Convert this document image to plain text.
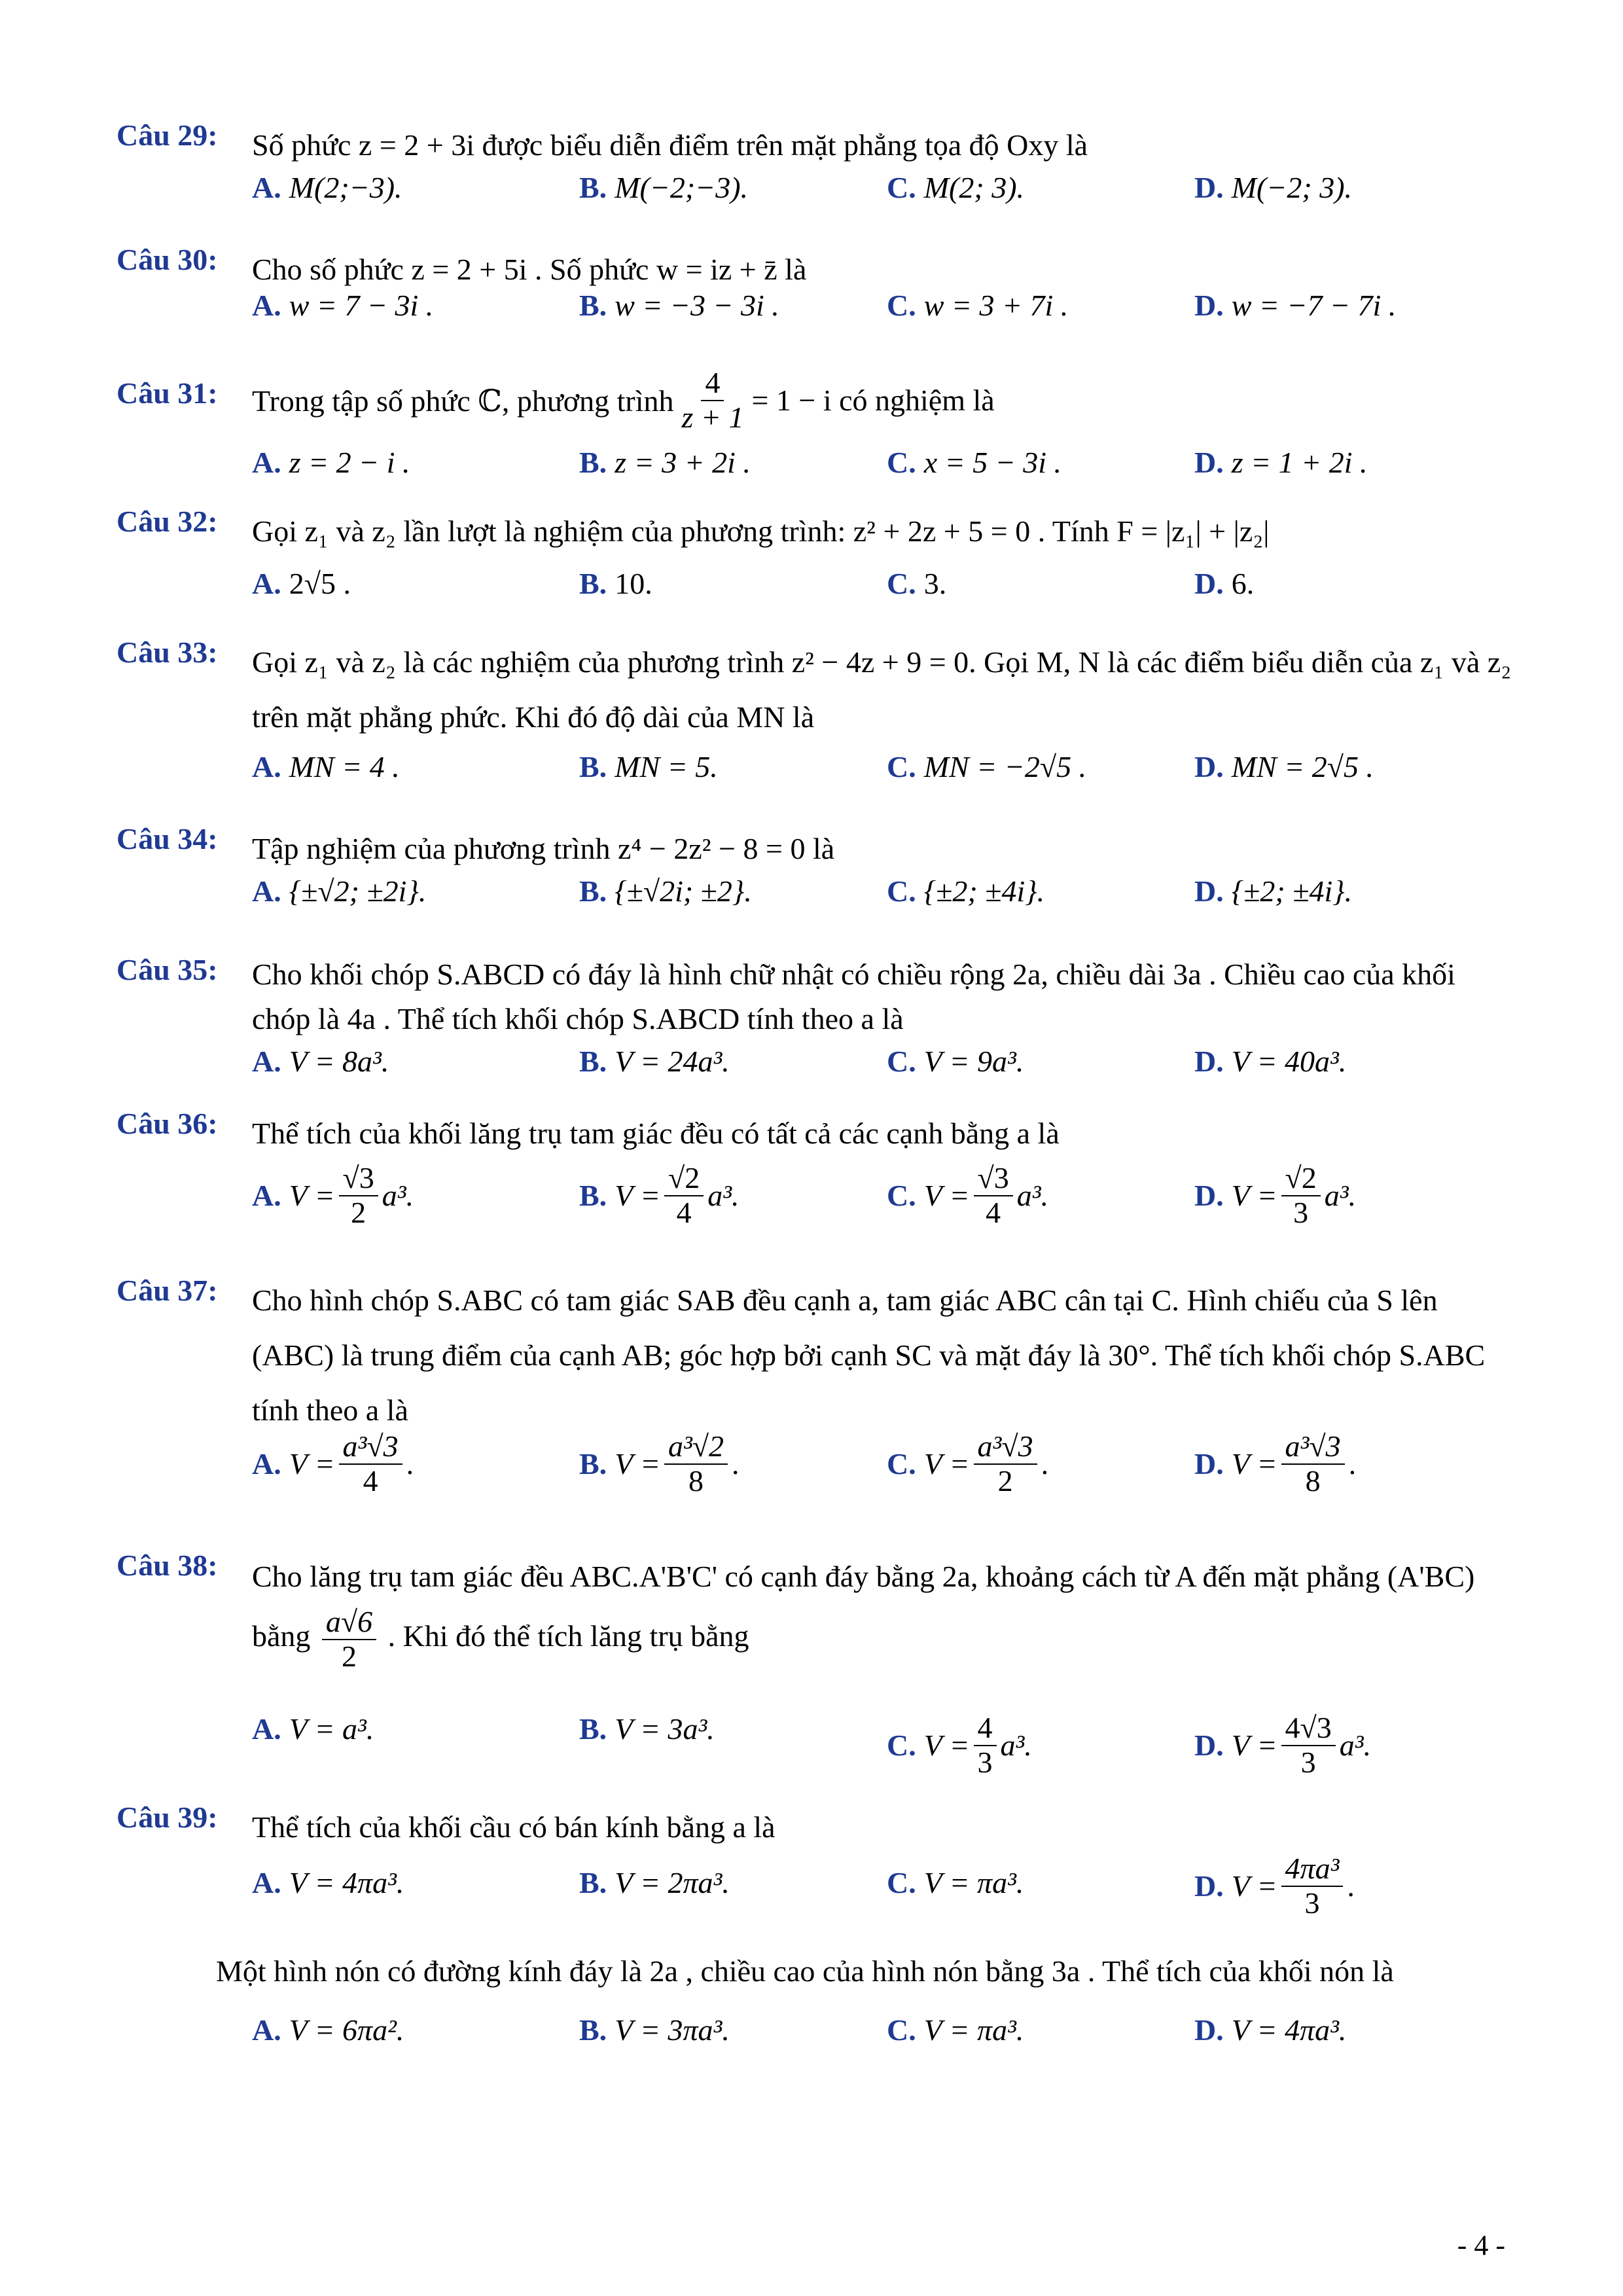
Câu 29: Số phức z = 2 + 3i được biểu diễn điểm trên mặt phẳng tọa độ Oxy là
A. M(2;−3).	B. M(−2;−3).	C. M(2; 3).	D. M(−2; 3).
Câu 30: Cho số phức z = 2 + 5i . Số phức w = iz + z̄ là
A. w = 7 − 3i .	B. w = −3 − 3i .	C. w = 3 + 7i .	D. w = −7 − 7i .
Câu 31: Trong tập số phức ℂ, phương trình $\frac{4}{z + 1} = 1 - i$ có nghiệm là
A. z = 2 − i .	B. z = 3 + 2i .	C. x = 5 − 3i .	D. z = 1 + 2i .
Câu 32: Gọi z₁ và z₂ lần lượt là nghiệm của phương trình: z² + 2z + 5 = 0 . Tính F = |z₁| + |z₂|
A. 2√5 .	B. 10.	C. 3.	D. 6.
Câu 33: Gọi z₁ và z₂ là các nghiệm của phương trình z² − 4z + 9 = 0. Gọi M, N là các điểm biểu diễn của z₁ và z₂ trên mặt phẳng phức. Khi đó độ dài của MN là
A. MN = 4 .	B. MN = 5.	C. MN = −2√5 .	D. MN = 2√5 .
Câu 34: Tập nghiệm của phương trình z⁴ − 2z² − 8 = 0 là
A. {±√2; ±2i}.	B. {±√2i; ±2}.	C. {±2; ±4i}.	D. {±2; ±4i}.
Câu 35: Cho khối chóp S.ABCD có đáy là hình chữ nhật có chiều rộng 2a, chiều dài 3a . Chiều cao của khối chóp là 4a . Thể tích khối chóp S.ABCD tính theo a là
A. V = 8a³.	B. V = 24a³.	C. V = 9a³.	D. V = 40a³.
Câu 36: Thể tích của khối lăng trụ tam giác đều có tất cả các cạnh bằng a là
A. $V = \frac{√3}{2} a^3$.	B. $V = \frac{√2}{4} a^3$.	C. $V = \frac{√3}{4} a^3$.	D. $V = \frac{√2}{3} a^3$.
Câu 37: Cho hình chóp S.ABC có tam giác SAB đều cạnh a, tam giác ABC cân tại C. Hình chiếu của S lên (ABC) là trung điểm của cạnh AB; góc hợp bởi cạnh SC và mặt đáy là 30°. Thể tích khối chóp S.ABC tính theo a là
A. $V = \frac{\text{a³√3}}{4}$ .	B. $V = \frac{\text{a³√2}}{8}$ .	C. $V = \frac{\text{a³√3}}{2}$ .	D. $V = \frac{\text{a³√3}}{8}$ .
Câu 38: Cho lăng trụ tam giác đều ABC.A'B'C' có cạnh đáy bằng 2a, khoảng cách từ A đến mặt phẳng (A'BC) bằng $\frac{a√6}{2}$ . Khi đó thể tích lăng trụ bằng
A. V = a³.	B. V = 3a³.	C. $V = \frac{4}{3} a^3$.	D. $V = \frac{4√3}{3} a^3$.
Câu 39: Thể tích của khối cầu có bán kính bằng a là
A. V = 4πa³.	B. V = 2πa³.	C. V = πa³.	D. $V = \frac{\text{4πa³}}{3}$ .
Một hình nón có đường kính đáy là 2a , chiều cao của hình nón bằng 3a . Thể tích của khối nón là
A. V = 6πa².	B. V = 3πa³.	C. V = πa³.	D. V = 4πa³.
- 4 -
